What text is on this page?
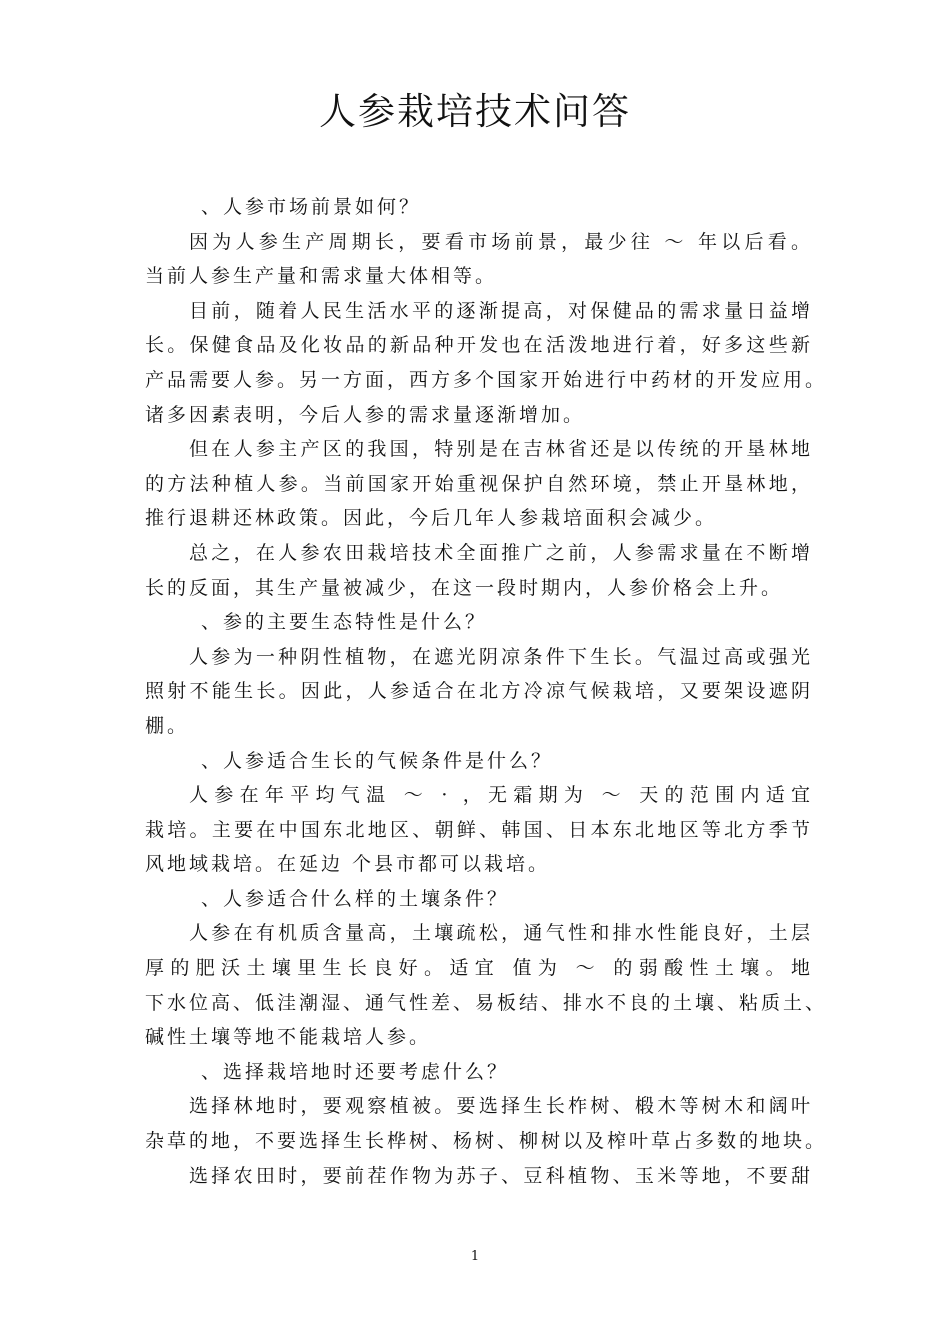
人参栽培技术问答
、人参市场前景如何？
因为人参生产周期长，要看市场前景，最少往 ～ 年以后看。
当前人参生产量和需求量大体相等。
目前，随着人民生活水平的逐渐提高，对保健品的需求量日益增
长。保健食品及化妆品的新品种开发也在活泼地进行着，好多这些新
产品需要人参。另一方面，西方多个国家开始进行中药材的开发应用。
诸多因素表明，今后人参的需求量逐渐增加。
但在人参主产区的我国，特别是在吉林省还是以传统的开垦林地
的方法种植人参。当前国家开始重视保护自然环境，禁止开垦林地，
推行退耕还林政策。因此，今后几年人参栽培面积会减少。
总之，在人参农田栽培技术全面推广之前，人参需求量在不断增
长的反面，其生产量被减少，在这一段时期内，人参价格会上升。
、参的主要生态特性是什么？
人参为一种阴性植物，在遮光阴凉条件下生长。气温过高或强光
照射不能生长。因此，人参适合在北方冷凉气候栽培，又要架设遮阴
棚。
、人参适合生长的气候条件是什么？
人参在年平均气温 ～ · ，无霜期为 ～ 天的范围内适宜
栽培。主要在中国东北地区、朝鲜、韩国、日本东北地区等北方季节
风地域栽培。在延边 个县市都可以栽培。
、人参适合什么样的土壤条件？
人参在有机质含量高，土壤疏松，通气性和排水性能良好，土层
厚的肥沃土壤里生长良好。适宜 值为 ～ 的弱酸性土壤。地
下水位高、低洼潮湿、通气性差、易板结、排水不良的土壤、粘质土、
碱性土壤等地不能栽培人参。
、选择栽培地时还要考虑什么？
选择林地时，要观察植被。要选择生长柞树、椴木等树木和阔叶
杂草的地，不要选择生长桦树、杨树、柳树以及榨叶草占多数的地块。
选择农田时，要前茬作物为苏子、豆科植物、玉米等地，不要甜
1
